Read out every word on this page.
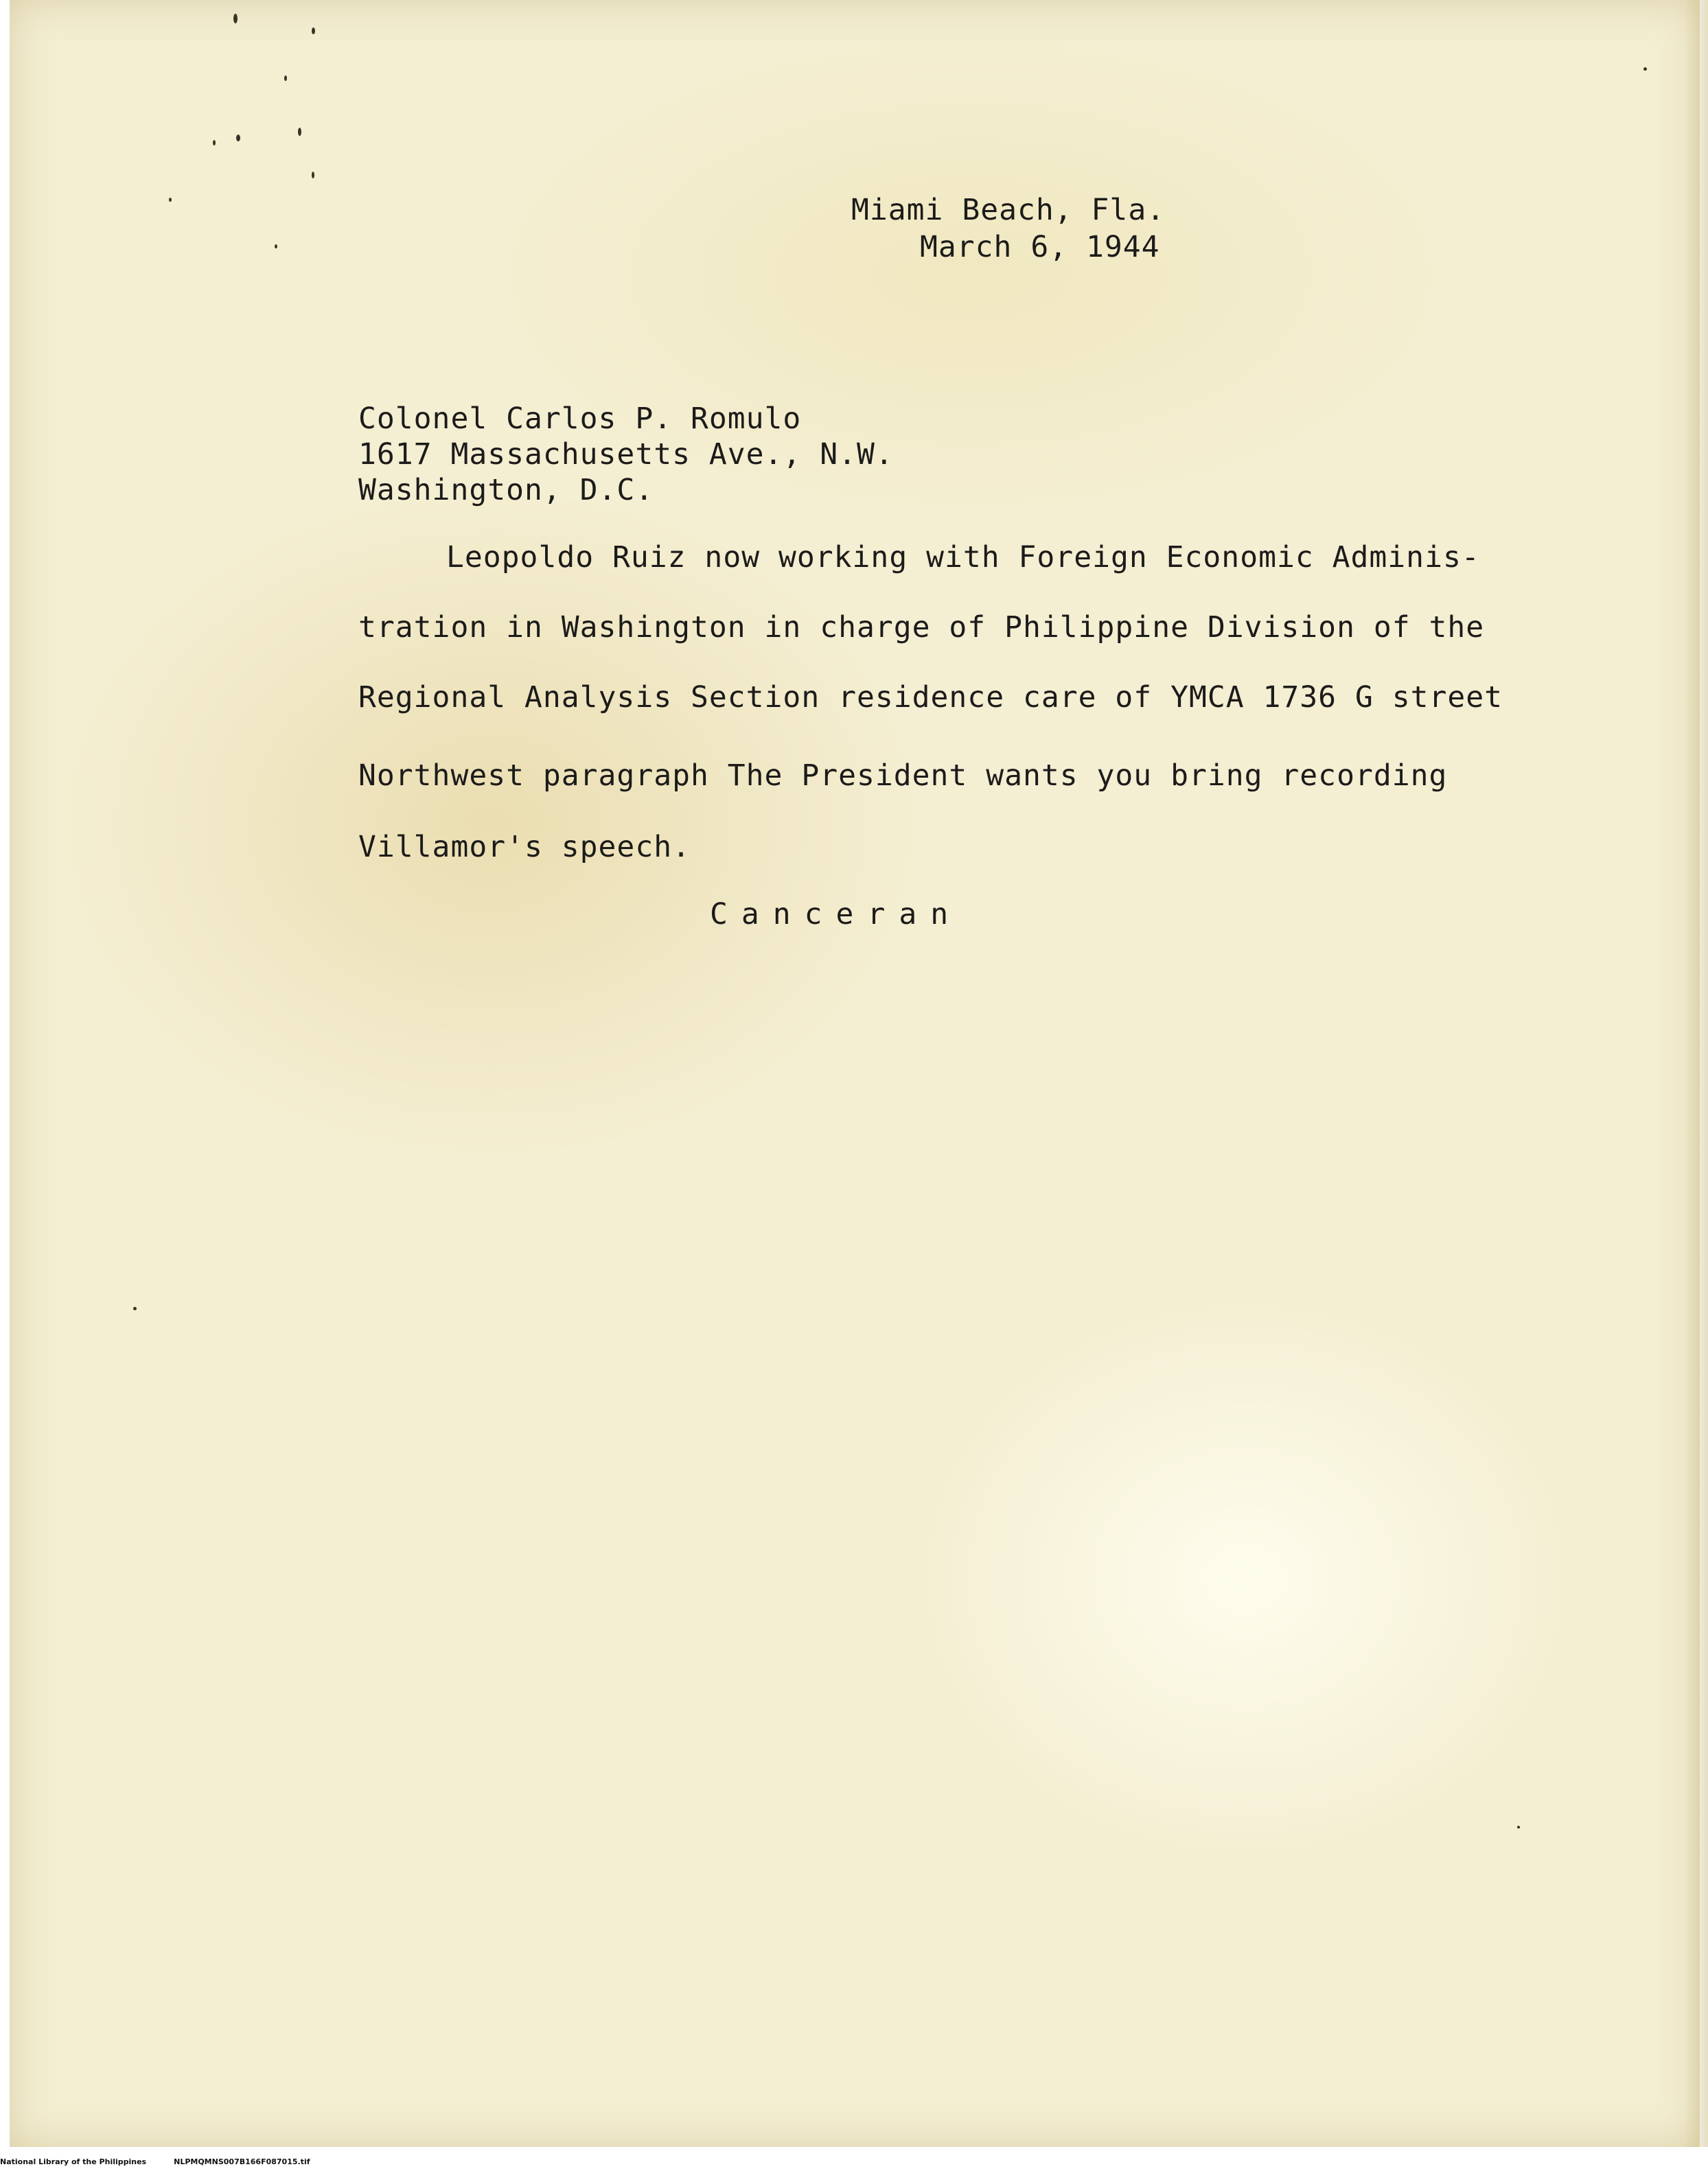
Miami Beach, Fla.
March 6, 1944
Colonel Carlos P. Romulo
1617 Massachusetts Ave., N.W.
Washington, D.C.
Leopoldo Ruiz now working with Foreign Economic Adminis-
tration in Washington in charge of Philippine Division of the
Regional Analysis Section residence care of YMCA 1736 G street
Northwest paragraph The President wants you bring recording
Villamor's speech.
Canceran
National Library of the Philippines	NLPMQMNS007B166F087015.tif
